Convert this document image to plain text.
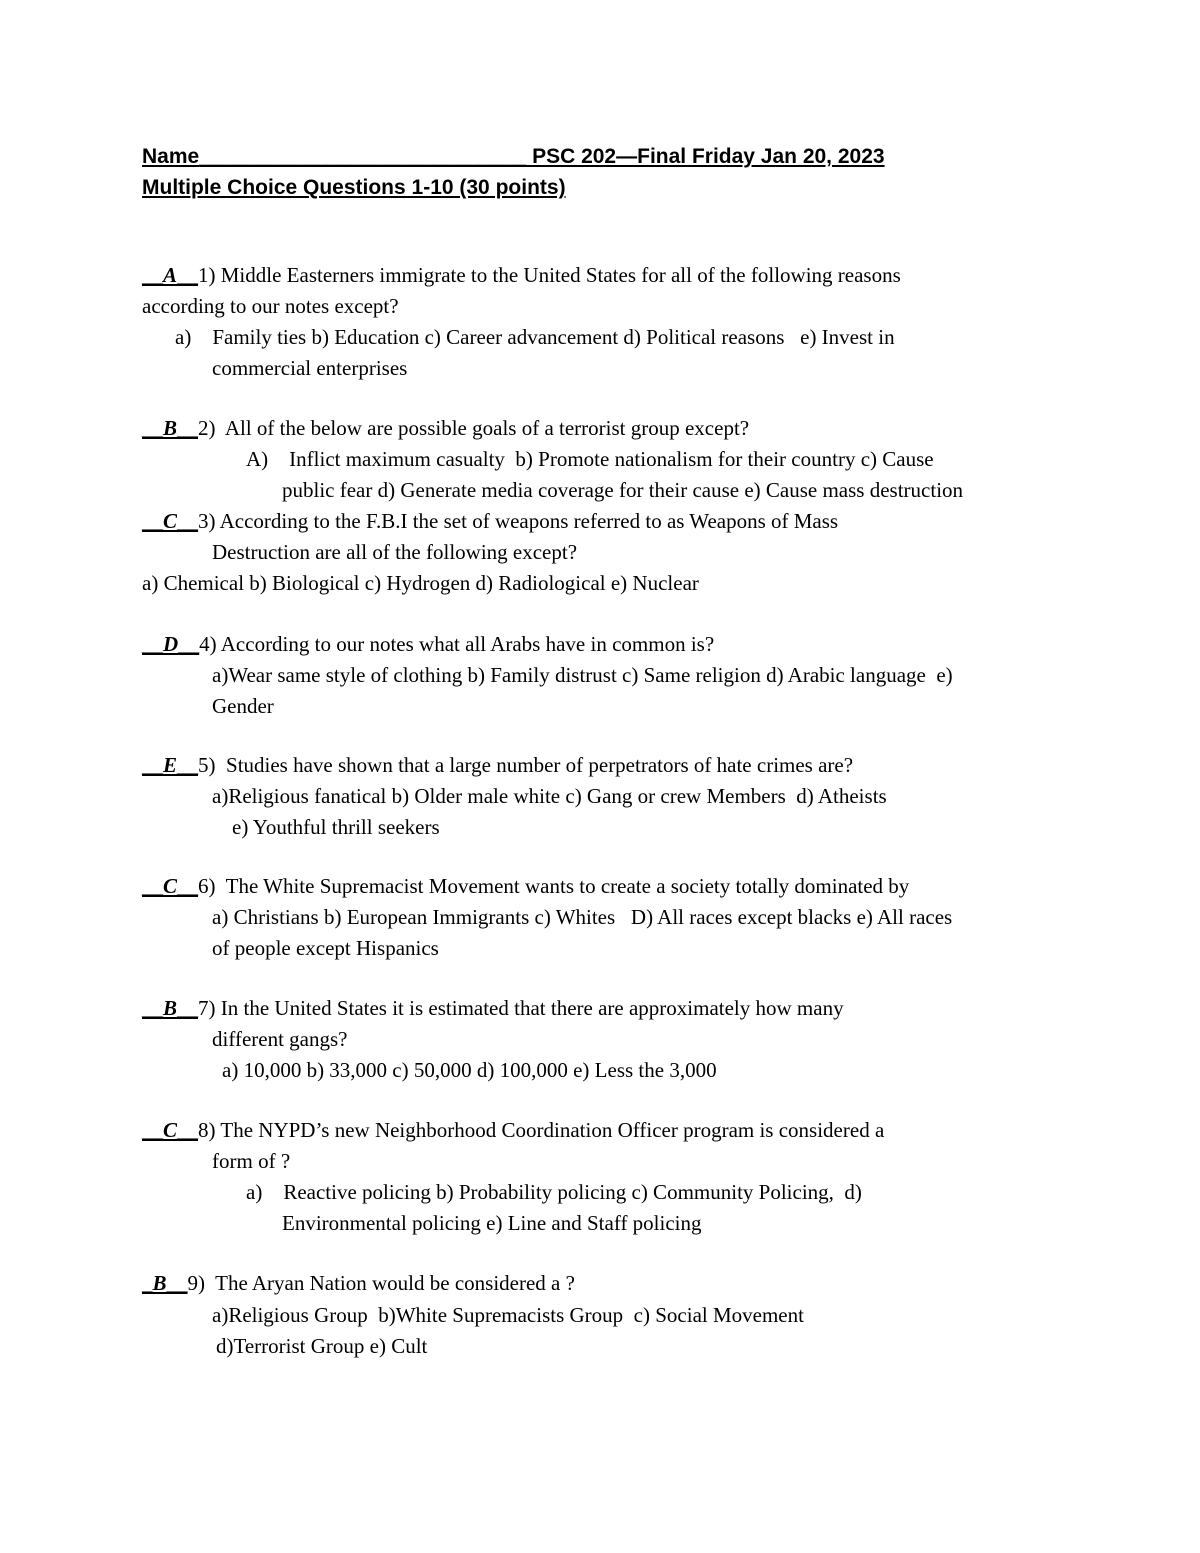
Name____________________________ PSC 202—Final Friday Jan 20, 2023
Multiple Choice Questions 1-10 (30 points)
__A__1) Middle Easterners immigrate to the United States for all of the following reasons
according to our notes except?
a) Family ties b) Education c) Career advancement d) Political reasons   e) Invest in
commercial enterprises
__B__2)  All of the below are possible goals of a terrorist group except?
A) Inflict maximum casualty  b) Promote nationalism for their country c) Cause
public fear d) Generate media coverage for their cause e) Cause mass destruction
__C__3) According to the F.B.I the set of weapons referred to as Weapons of Mass
Destruction are all of the following except?
a) Chemical b) Biological c) Hydrogen d) Radiological e) Nuclear
__D__4) According to our notes what all Arabs have in common is?
a)Wear same style of clothing b) Family distrust c) Same religion d) Arabic language  e)
Gender
__E__5)  Studies have shown that a large number of perpetrators of hate crimes are?
a)Religious fanatical b) Older male white c) Gang or crew Members  d) Atheists
e) Youthful thrill seekers
__C__6)  The White Supremacist Movement wants to create a society totally dominated by
a) Christians b) European Immigrants c) Whites   D) All races except blacks e) All races
of people except Hispanics
__B__7) In the United States it is estimated that there are approximately how many
different gangs?
a) 10,000 b) 33,000 c) 50,000 d) 100,000 e) Less the 3,000
__C__8) The NYPD’s new Neighborhood Coordination Officer program is considered a
form of ?
a) Reactive policing b) Probability policing c) Community Policing,  d)
Environmental policing e) Line and Staff policing
_B__9)  The Aryan Nation would be considered a ?
a)Religious Group  b)White Supremacists Group  c) Social Movement
d)Terrorist Group e) Cult
